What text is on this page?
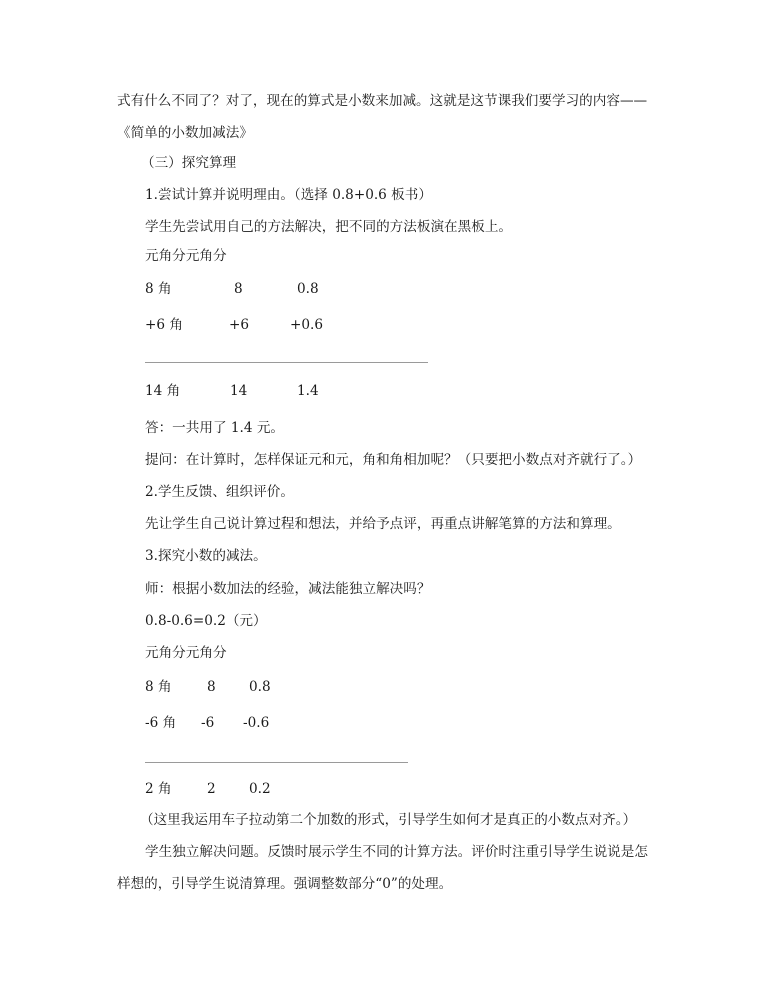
式有什么不同了？对了，现在的算式是小数来加减。这就是这节课我们要学习的内容——
《简单的小数加减法》
（三）探究算理
1.尝试计算并说明理由。（选择 0.8+0.6 板书）
学生先尝试用自己的方法解决，把不同的方法板演在黑板上。
元角分元角分
8 角	8	0.8
+6 角	+6	+0.6
14 角	14	1.4
答：一共用了 1.4 元。
提问：在计算时，怎样保证元和元，角和角相加呢？（只要把小数点对齐就行了。）
2.学生反馈、组织评价。
先让学生自己说计算过程和想法，并给予点评，再重点讲解笔算的方法和算理。
3.探究小数的减法。
师：根据小数加法的经验，减法能独立解决吗？
0.8-0.6=0.2（元）
元角分元角分
8 角	8 0.8
-6 角 -6 -0.6
2 角	2 0.2
（这里我运用车子拉动第二个加数的形式，引导学生如何才是真正的小数点对齐。）
学生独立解决问题。反馈时展示学生不同的计算方法。评价时注重引导学生说说是怎
样想的，引导学生说清算理。强调整数部分“0”的处理。
